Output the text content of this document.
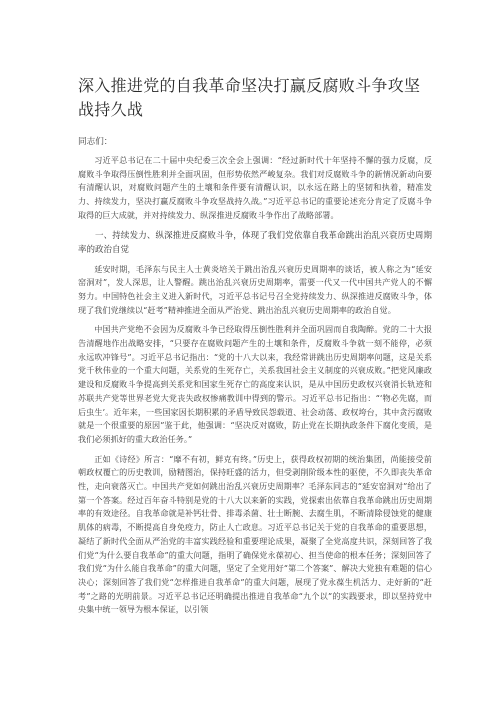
深入推进党的自我革命坚决打赢反腐败斗争攻坚战持久战

同志们：

习近平总书记在二十届中央纪委三次全会上强调：“经过新时代十年坚持不懈的强力反腐，反腐败斗争取得压倒性胜利并全面巩固，但形势依然严峻复杂。我们对反腐败斗争的新情况新动向要有清醒认识，对腐败问题产生的土壤和条件要有清醒认识，以永远在路上的坚韧和执着，精准发力、持续发力，坚决打赢反腐败斗争攻坚战持久战。”习近平总书记的重要论述充分肯定了反腐斗争取得的巨大成就，并对持续发力、纵深推进反腐败斗争作出了战略部署。

一、持续发力、纵深推进反腐败斗争，体现了我们党依靠自我革命跳出治乱兴衰历史周期率的政治自觉

延安时期，毛泽东与民主人士黄炎培关于跳出治乱兴衰历史周期率的谈话，被人称之为“延安窑洞对”，发人深思，让人警醒。跳出治乱兴衰历史周期率，需要一代又一代中国共产党人的不懈努力。中国特色社会主义进入新时代，习近平总书记号召全党持续发力、纵深推进反腐败斗争，体现了我们党继续以“赶考”精神推进全面从严治党、跳出治乱兴衰历史周期率的政治自觉。

中国共产党绝不会因为反腐败斗争已经取得压倒性胜利并全面巩固而自我陶醉。党的二十大报告清醒地作出战略安排，“只要存在腐败问题产生的土壤和条件，反腐败斗争就一刻不能停，必须永远吹冲锋号”。习近平总书记指出：“党的十八大以来，我经常讲跳出历史周期率问题，这是关系党千秋伟业的一个重大问题，关系党的生死存亡，关系我国社会主义制度的兴衰成败。”把党风廉政建设和反腐败斗争提高到关系党和国家生死存亡的高度来认识，是从中国历史政权兴衰消长轨迹和苏联共产党等世界老党大党丧失政权惨痛教训中得到的警示。习近平总书记指出：“‘物必先腐，而后虫生’。近年来，一些国家因长期积累的矛盾导致民怨载道、社会动荡、政权垮台，其中贪污腐败就是一个很重要的原因”鉴于此，他强调：“坚决反对腐败，防止党在长期执政条件下腐化变质，是我们必须抓好的重大政治任务。”

正如《诗经》所言：“靡不有初，鲜克有终。”历史上，获得政权初期的统治集团，尚能接受前朝政权覆亡的历史教训，励精图治，保持旺盛的活力，但受剥削阶级本性的驱使，不久即丧失革命性，走向衰落灭亡。中国共产党如何跳出治乱兴衰历史周期率？毛泽东同志的“延安窑洞对”给出了第一个答案。经过百年奋斗特别是党的十八大以来新的实践，党探索出依靠自我革命跳出历史周期率的有效途径。自我革命就是补钙壮骨、排毒杀菌、壮士断腕、去腐生肌，不断清除侵蚀党的健康肌体的病毒，不断提高自身免疫力，防止人亡政息。习近平总书记关于党的自我革命的重要思想，凝结了新时代全面从严治党的丰富实践经验和重要理论成果，凝聚了全党高度共识，深刻回答了我们党“为什么要自我革命”的重大问题，指明了确保党永葆初心、担当使命的根本任务；深刻回答了我们党“为什么能自我革命”的重大问题，坚定了全党用好“第二个答案”、解决大党独有难题的信心决心；深刻回答了我们党“怎样推进自我革命”的重大问题，展现了党永葆生机活力、走好新的“赶考”之路的光明前景。习近平总书记还明确提出推进自我革命“九个以”的实践要求，即以坚持党中央集中统一领导为根本保证，以引领
